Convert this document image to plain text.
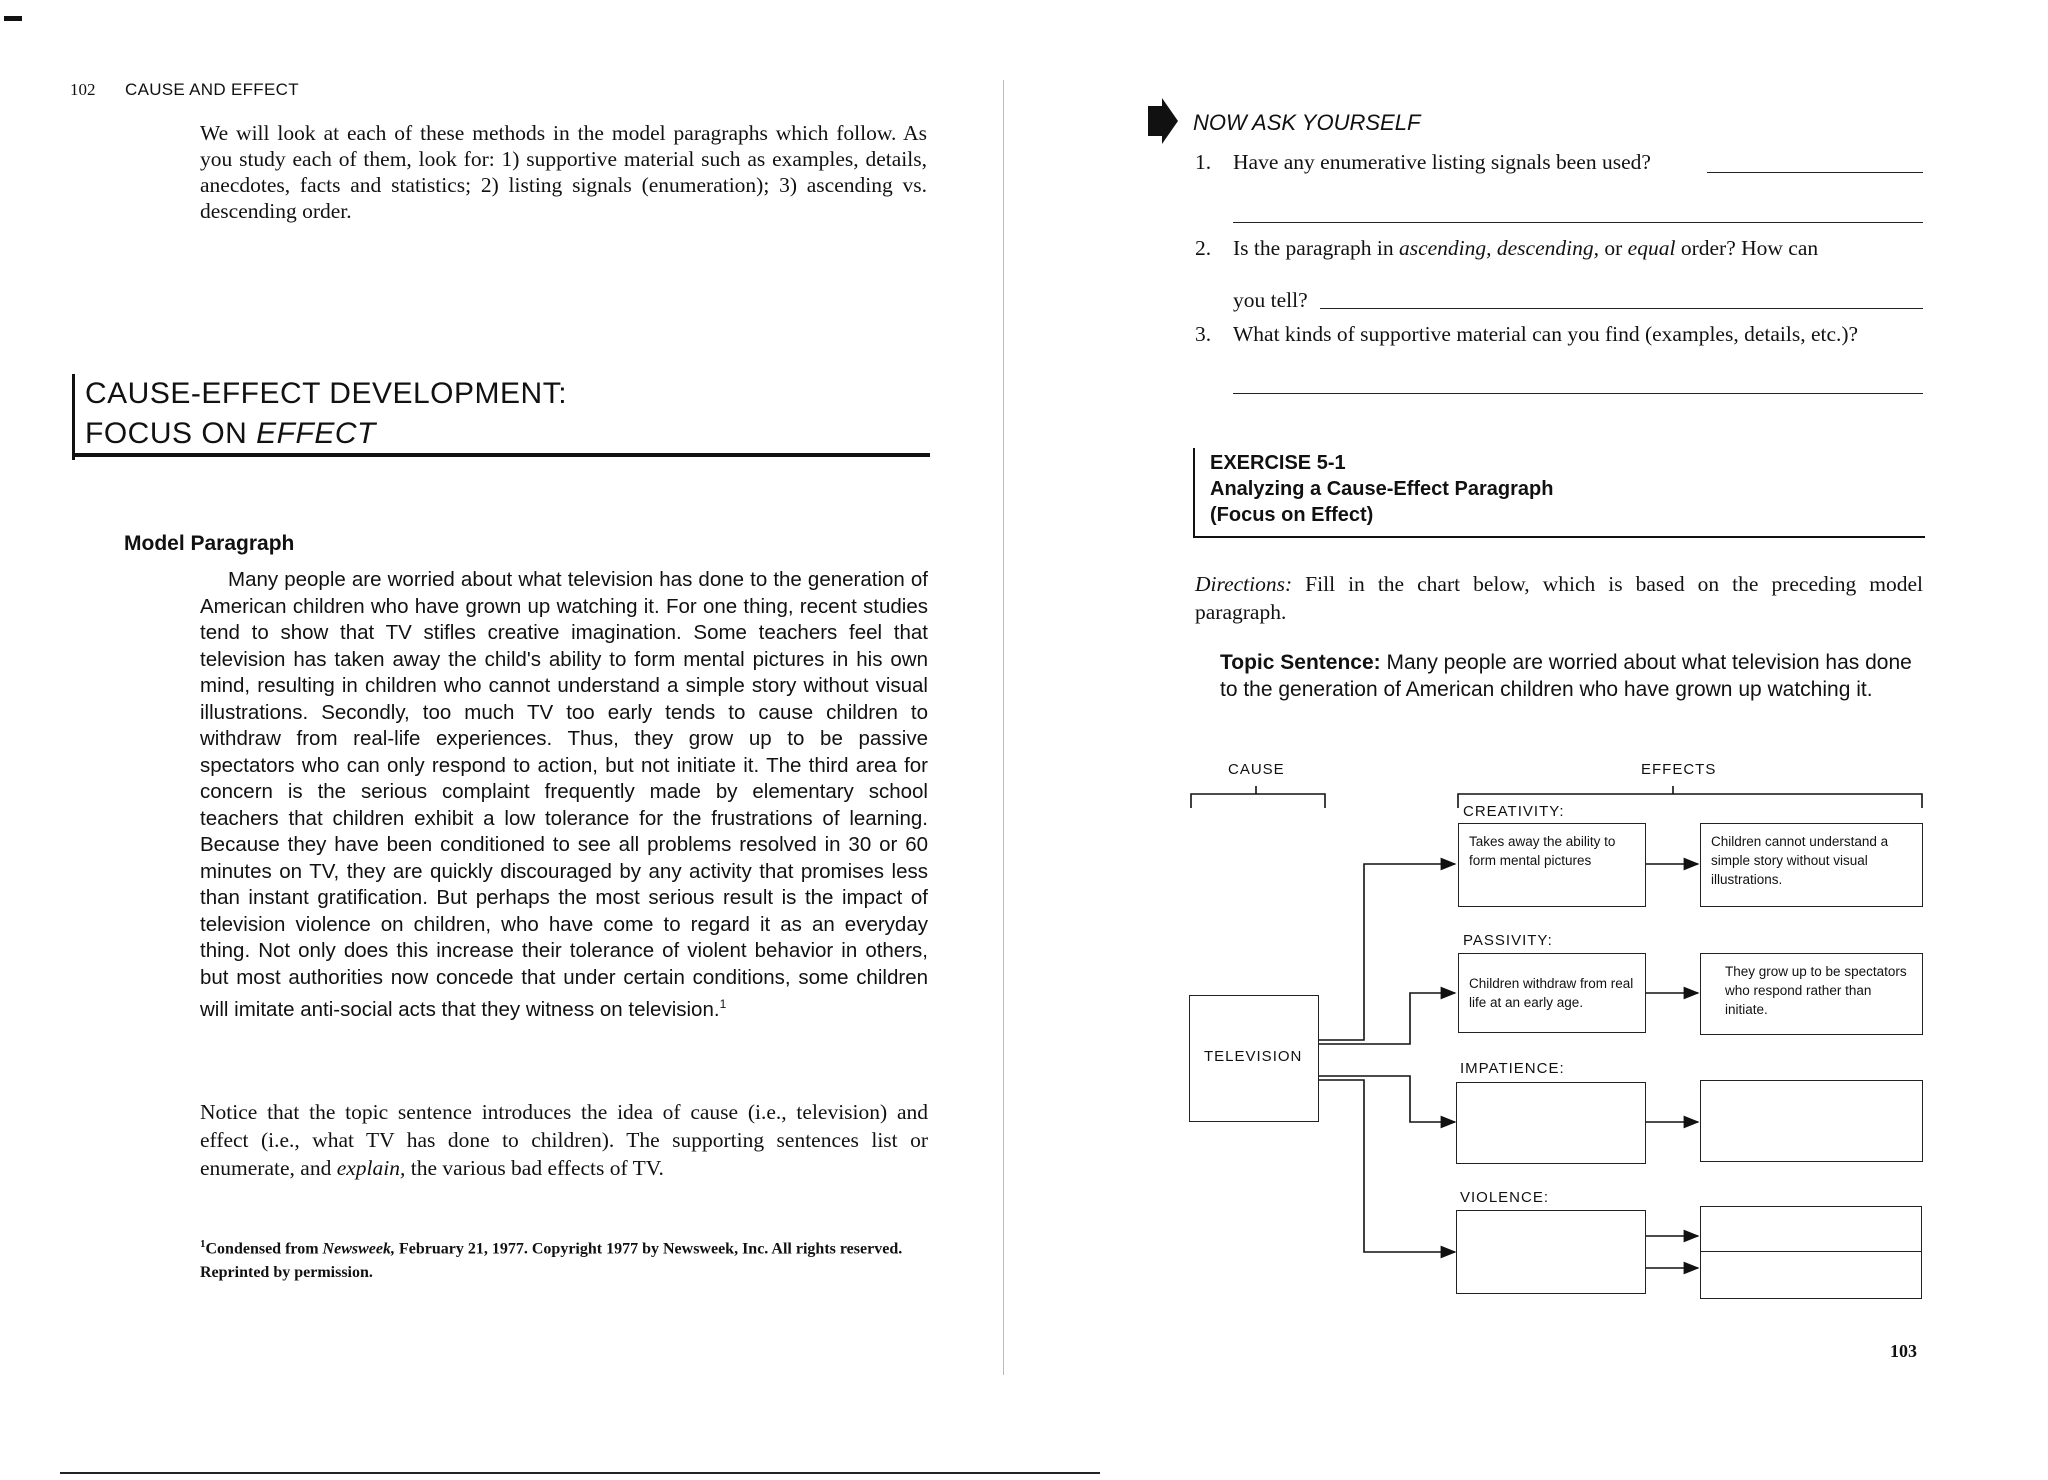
102 CAUSE AND EFFECT
We will look at each of these methods in the model paragraphs which follow. As you study each of them, look for: 1) supportive material such as examples, details, anecdotes, facts and statistics; 2) listing signals (enumeration); 3) ascending vs. descending order.
CAUSE-EFFECT DEVELOPMENT:
FOCUS ON EFFECT
Model Paragraph
Many people are worried about what television has done to the generation of American children who have grown up watching it. For one thing, recent studies tend to show that TV stifles creative imagination. Some teachers feel that television has taken away the child's ability to form mental pictures in his own mind, resulting in children who cannot understand a simple story without visual illustrations. Secondly, too much TV too early tends to cause children to withdraw from real-life experiences. Thus, they grow up to be passive spectators who can only respond to action, but not initiate it. The third area for concern is the serious complaint frequently made by elementary school teachers that children exhibit a low tolerance for the frustrations of learning. Because they have been conditioned to see all problems resolved in 30 or 60 minutes on TV, they are quickly discouraged by any activity that promises less than instant gratification. But perhaps the most serious result is the impact of television violence on children, who have come to regard it as an everyday thing. Not only does this increase their tolerance of violent behavior in others, but most authorities now concede that under certain conditions, some children will imitate anti-social acts that they witness on television.$^1$
Notice that the topic sentence introduces the idea of cause (i.e., television) and effect (i.e., what TV has done to children). The supporting sentences list or enumerate, and explain, the various bad effects of TV.
$^1$Condensed from Newsweek, February 21, 1977. Copyright 1977 by Newsweek, Inc. All rights reserved. Reprinted by permission.
NOW ASK YOURSELF
1. Have any enumerative listing signals been used?
2. Is the paragraph in ascending, descending, or equal order? How can
you tell?
3. What kinds of supportive material can you find (examples, details, etc.)?
EXERCISE 5-1
Analyzing a Cause-Effect Paragraph
(Focus on Effect)
Directions: Fill in the chart below, which is based on the preceding model paragraph.
Topic Sentence: Many people are worried about what television has done to the generation of American children who have grown up watching it.
CAUSE	EFFECTS
TELEVISION
CREATIVITY:
PASSIVITY:
IMPATIENCE:
VIOLENCE:
Takes away the ability to form mental pictures
Children cannot understand a simple story without visual illustrations.
Children withdraw from real life at an early age.
They grow up to be spectators who respond rather than initiate.
103
